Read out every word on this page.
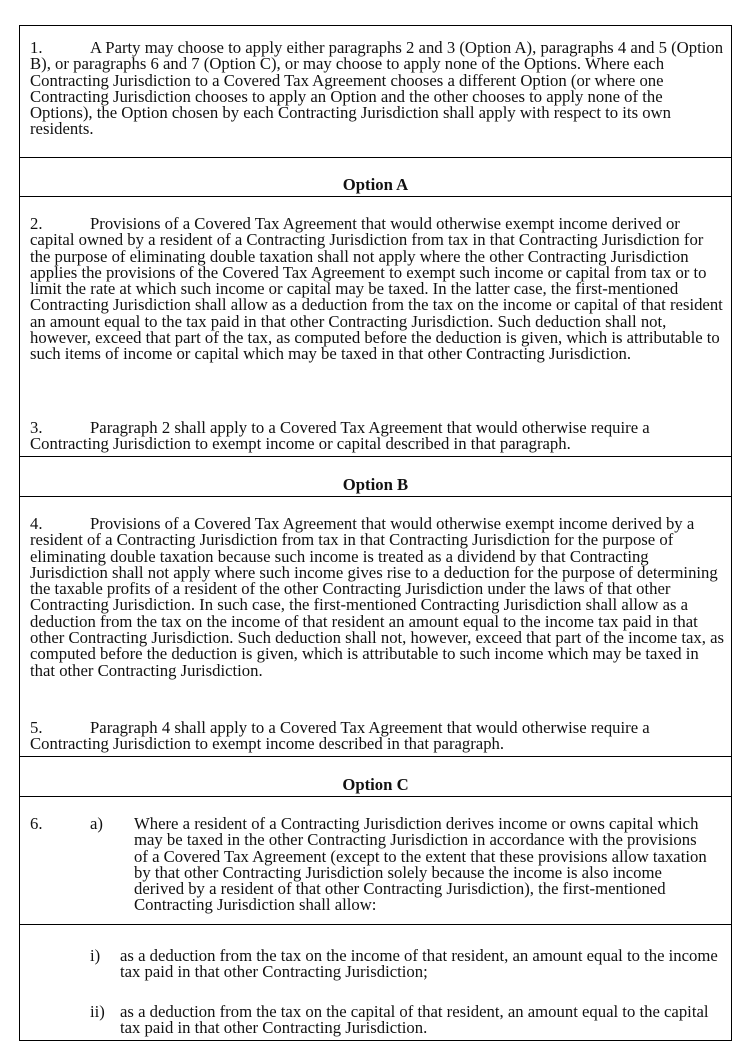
1.	A Party may choose to apply either paragraphs 2 and 3 (Option A), paragraphs 4 and 5 (Option B), or paragraphs 6 and 7 (Option C), or may choose to apply none of the Options. Where each Contracting Jurisdiction to a Covered Tax Agreement chooses a different Option (or where one Contracting Jurisdiction chooses to apply an Option and the other chooses to apply none of the Options), the Option chosen by each Contracting Jurisdiction shall apply with respect to its own residents.

Option A

2.	Provisions of a Covered Tax Agreement that would otherwise exempt income derived or capital owned by a resident of a Contracting Jurisdiction from tax in that Contracting Jurisdiction for the purpose of eliminating double taxation shall not apply where the other Contracting Jurisdiction applies the provisions of the Covered Tax Agreement to exempt such income or capital from tax or to limit the rate at which such income or capital may be taxed. In the latter case, the first-mentioned Contracting Jurisdiction shall allow as a deduction from the tax on the income or capital of that resident an amount equal to the tax paid in that other Contracting Jurisdiction. Such deduction shall not, however, exceed that part of the tax, as computed before the deduction is given, which is attributable to such items of income or capital which may be taxed in that other Contracting Jurisdiction.

3.	Paragraph 2 shall apply to a Covered Tax Agreement that would otherwise require a Contracting Jurisdiction to exempt income or capital described in that paragraph.

Option B

4.	Provisions of a Covered Tax Agreement that would otherwise exempt income derived by a resident of a Contracting Jurisdiction from tax in that Contracting Jurisdiction for the purpose of eliminating double taxation because such income is treated as a dividend by that Contracting Jurisdiction shall not apply where such income gives rise to a deduction for the purpose of determining the taxable profits of a resident of the other Contracting Jurisdiction under the laws of that other Contracting Jurisdiction. In such case, the first-mentioned Contracting Jurisdiction shall allow as a deduction from the tax on the income of that resident an amount equal to the income tax paid in that other Contracting Jurisdiction. Such deduction shall not, however, exceed that part of the income tax, as computed before the deduction is given, which is attributable to such income which may be taxed in that other Contracting Jurisdiction.

5.	Paragraph 4 shall apply to a Covered Tax Agreement that would otherwise require a Contracting Jurisdiction to exempt income described in that paragraph.

Option C

6.	a) Where a resident of a Contracting Jurisdiction derives income or owns capital which may be taxed in the other Contracting Jurisdiction in accordance with the provisions of a Covered Tax Agreement (except to the extent that these provisions allow taxation by that other Contracting Jurisdiction solely because the income is also income derived by a resident of that other Contracting Jurisdiction), the first-mentioned Contracting Jurisdiction shall allow:

i) as a deduction from the tax on the income of that resident, an amount equal to the income tax paid in that other Contracting Jurisdiction;

ii) as a deduction from the tax on the capital of that resident, an amount equal to the capital tax paid in that other Contracting Jurisdiction.
